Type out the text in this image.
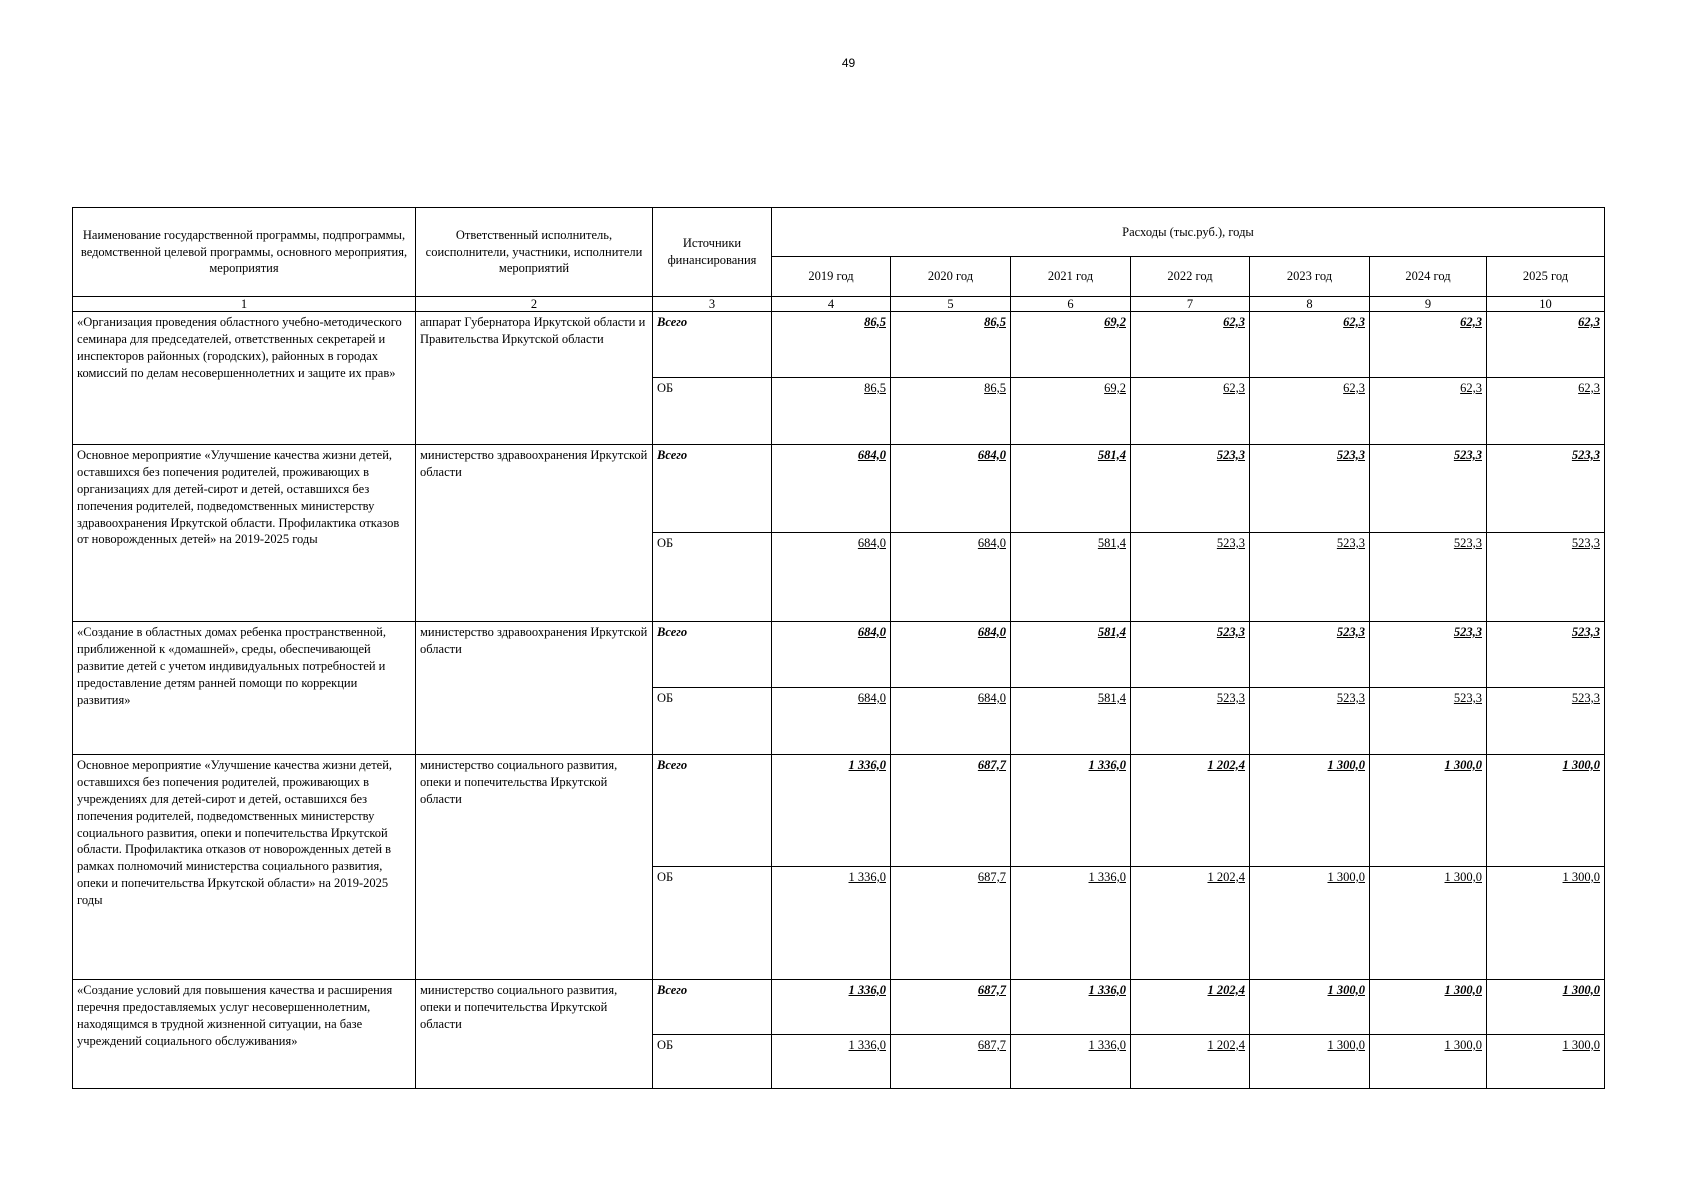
49
Наименование государственной программы, подпрограммы, ведомственной целевой программы, основного мероприятия, мероприятия	Ответственный исполнитель, соисполнители, участники, исполнители мероприятий	Источники финансирования	Расходы (тыс.руб.), годы						
			2019 год	2020 год	2021 год	2022 год	2023 год	2024 год	2025 год
1	2	3	4	5	6	7	8	9	10
«Организация проведения областного учебно-методического семинара для председателей, ответственных секретарей и инспекторов районных (городских), районных в городах комиссий по делам несовершеннолетних и защите их прав»	аппарат Губернатора Иркутской области и Правительства Иркутской области	Всего	86,5	86,5	69,2	62,3	62,3	62,3	62,3
		ОБ	86,5	86,5	69,2	62,3	62,3	62,3	62,3
Основное мероприятие «Улучшение качества жизни детей, оставшихся без попечения родителей, проживающих в организациях для детей-сирот и детей, оставшихся без попечения родителей, подведомственных министерству здравоохранения Иркутской области. Профилактика отказов от новорожденных детей» на 2019-2025 годы	министерство здравоохранения Иркутской области	Всего	684,0	684,0	581,4	523,3	523,3	523,3	523,3
		ОБ	684,0	684,0	581,4	523,3	523,3	523,3	523,3
«Создание в областных домах ребенка пространственной, приближенной к «домашней», среды, обеспечивающей развитие детей с учетом индивидуальных потребностей и предоставление детям ранней помощи по коррекции развития»	министерство здравоохранения Иркутской области	Всего	684,0	684,0	581,4	523,3	523,3	523,3	523,3
		ОБ	684,0	684,0	581,4	523,3	523,3	523,3	523,3
Основное мероприятие «Улучшение качества жизни детей, оставшихся без попечения родителей, проживающих в учреждениях для детей-сирот и детей, оставшихся без попечения родителей, подведомственных министерству социального развития, опеки и попечительства Иркутской области. Профилактика отказов от новорожденных детей в рамках полномочий министерства социального развития, опеки и попечительства Иркутской области» на 2019-2025 годы	министерство социального развития, опеки и попечительства Иркутской области	Всего	1 336,0	687,7	1 336,0	1 202,4	1 300,0	1 300,0	1 300,0
		ОБ	1 336,0	687,7	1 336,0	1 202,4	1 300,0	1 300,0	1 300,0
«Создание условий для повышения качества и расширения перечня предоставляемых услуг несовершеннолетним, находящимся в трудной жизненной ситуации, на базе учреждений социального обслуживания»	министерство социального развития, опеки и попечительства Иркутской области	Всего	1 336,0	687,7	1 336,0	1 202,4	1 300,0	1 300,0	1 300,0
		ОБ	1 336,0	687,7	1 336,0	1 202,4	1 300,0	1 300,0	1 300,0
